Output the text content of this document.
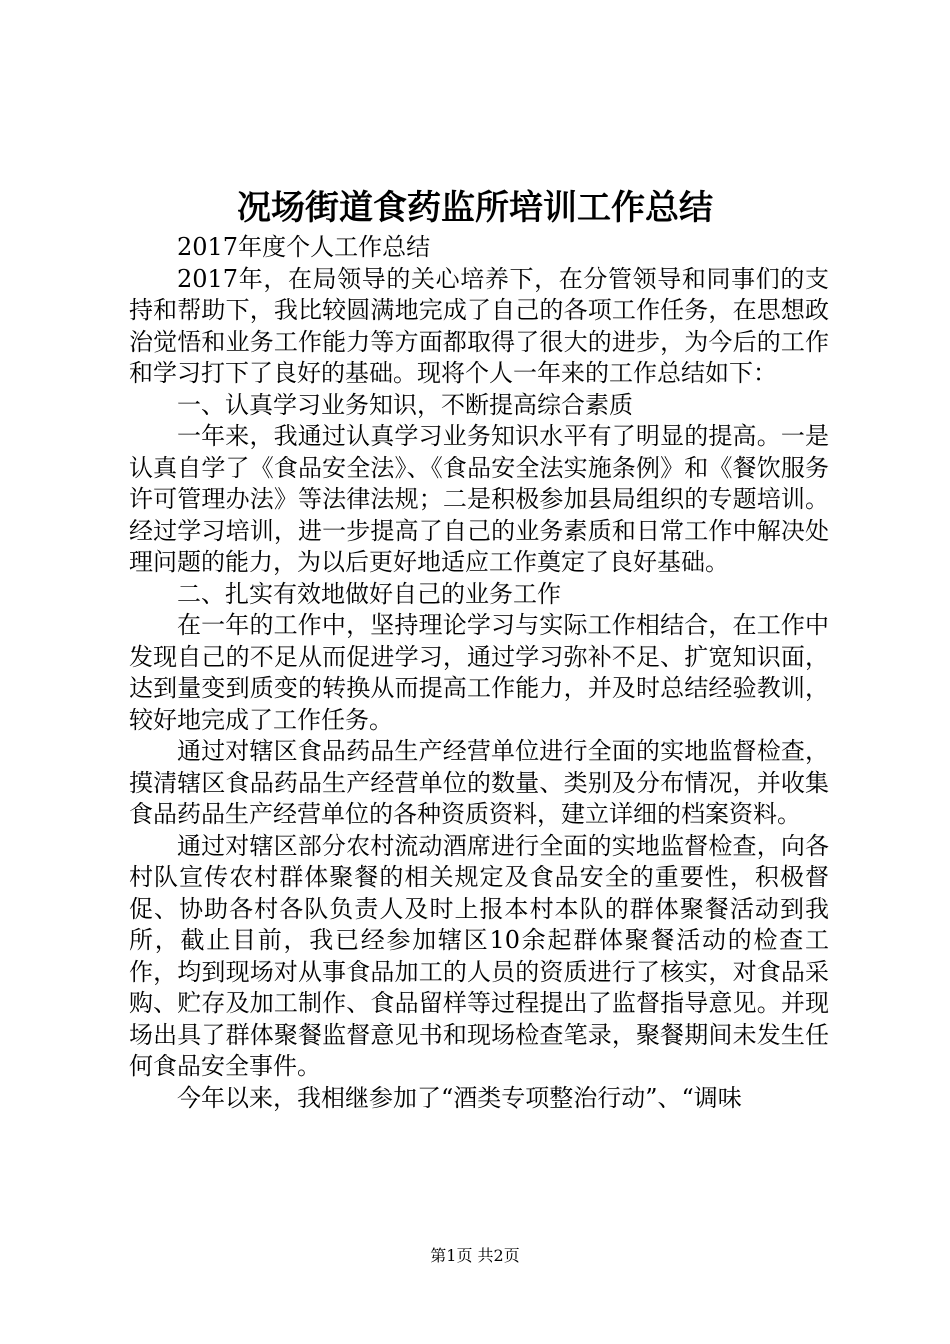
况场街道食药监所培训工作总结

2017年度个人工作总结

2017年，在局领导的关心培养下，在分管领导和同事们的支持和帮助下，我比较圆满地完成了自己的各项工作任务，在思想政治觉悟和业务工作能力等方面都取得了很大的进步，为今后的工作和学习打下了良好的基础。现将个人一年来的工作总结如下：

一、认真学习业务知识，不断提高综合素质

一年来，我通过认真学习业务知识水平有了明显的提高。一是认真自学了《食品安全法》、《食品安全法实施条例》和《餐饮服务许可管理办法》等法律法规；二是积极参加县局组织的专题培训。经过学习培训，进一步提高了自己的业务素质和日常工作中解决处理问题的能力，为以后更好地适应工作奠定了良好基础。

二、扎实有效地做好自己的业务工作

在一年的工作中，坚持理论学习与实际工作相结合，在工作中发现自己的不足从而促进学习，通过学习弥补不足、扩宽知识面，达到量变到质变的转换从而提高工作能力，并及时总结经验教训，较好地完成了工作任务。

通过对辖区食品药品生产经营单位进行全面的实地监督检查，摸清辖区食品药品生产经营单位的数量、类别及分布情况，并收集食品药品生产经营单位的各种资质资料，建立详细的档案资料。

通过对辖区部分农村流动酒席进行全面的实地监督检查，向各村队宣传农村群体聚餐的相关规定及食品安全的重要性，积极督促、协助各村各队负责人及时上报本村本队的群体聚餐活动到我所，截止目前，我已经参加辖区10余起群体聚餐活动的检查工作，均到现场对从事食品加工的人员的资质进行了核实，对食品采购、贮存及加工制作、食品留样等过程提出了监督指导意见。并现场出具了群体聚餐监督意见书和现场检查笔录，聚餐期间未发生任何食品安全事件。

今年以来，我相继参加了“酒类专项整治行动”、“调味

第1页 共2页
